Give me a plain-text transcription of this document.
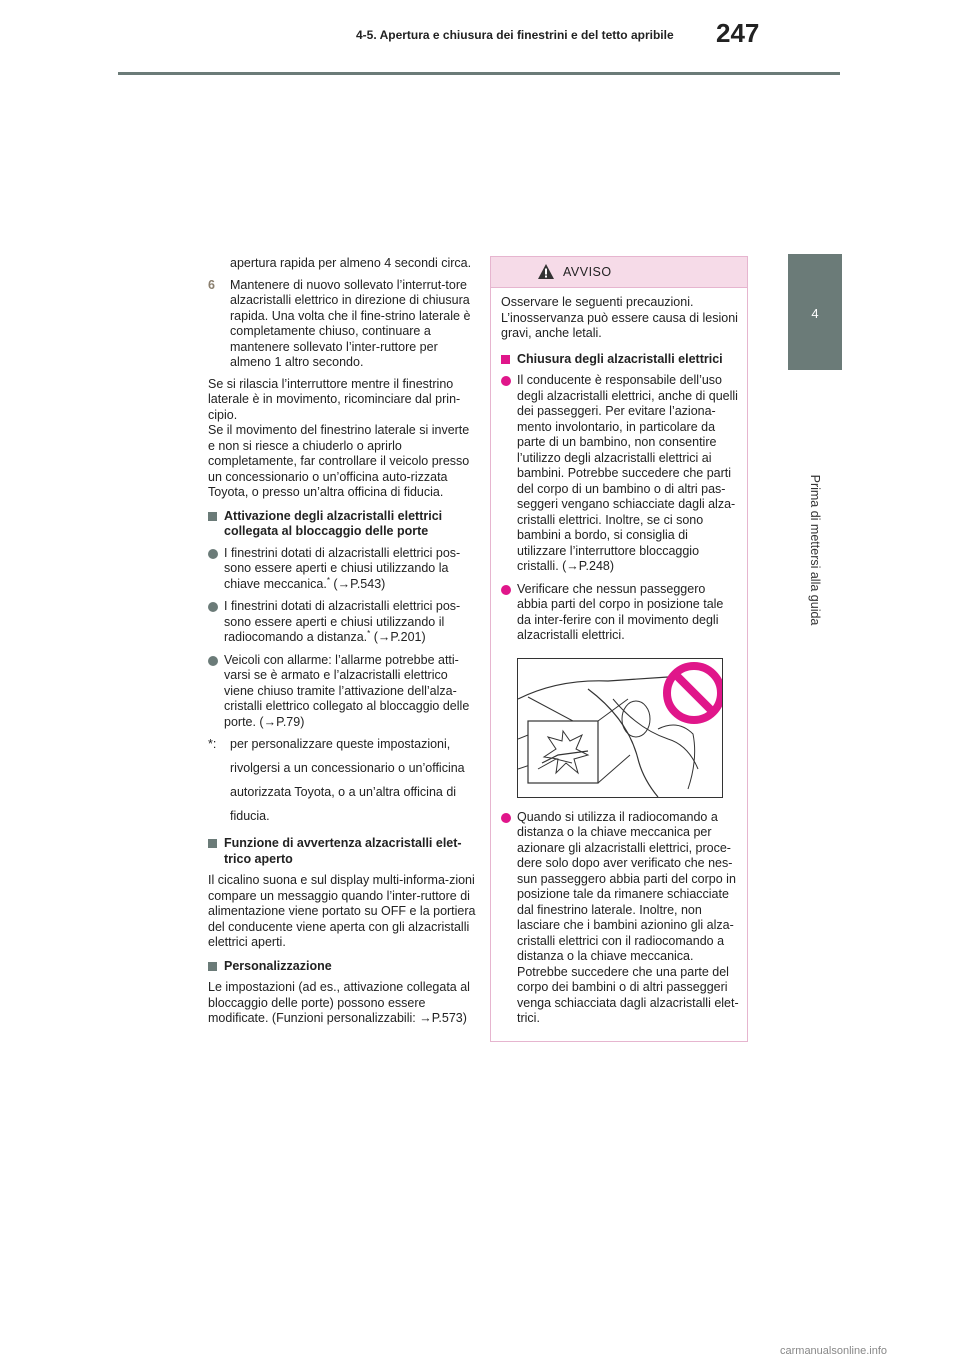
4-5. Apertura e chiusura dei finestrini e del tetto apribile	247
4
Prima di mettersi alla guida

apertura rapida per almeno 4 secondi circa.

6 Mantenere di nuovo sollevato l’interrut-tore alzacristalli elettrico in direzione di chiusura rapida. Una volta che il fine-strino laterale è completamente chiuso, continuare a mantenere sollevato l’inter-ruttore per almeno 1 altro secondo.

Se si rilascia l’interruttore mentre il finestrino laterale è in movimento, ricominciare dal prin-cipio.

Se il movimento del finestrino laterale si inverte e non si riesce a chiuderlo o aprirlo completamente, far controllare il veicolo presso un concessionario o un’officina auto-rizzata Toyota, o presso un’altra officina di fiducia.

Attivazione degli alzacristalli elettrici collegata al bloccaggio delle porte
I finestrini dotati di alzacristalli elettrici pos-sono essere aperti e chiusi utilizzando la chiave meccanica.* (→P.543)
I finestrini dotati di alzacristalli elettrici pos-sono essere aperti e chiusi utilizzando il radiocomando a distanza.* (→P.201)
Veicoli con allarme: l’allarme potrebbe atti-varsi se è armato e l’alzacristalli elettrico viene chiuso tramite l’attivazione dell’alza-cristalli elettrico collegato al bloccaggio delle porte. (→P.79)
*: per personalizzare queste impostazioni, rivolgersi a un concessionario o un’officina autorizzata Toyota, o a un’altra officina di fiducia.
Funzione di avvertenza alzacristalli elet-trico aperto

Il cicalino suona e sul display multi-informa-zioni compare un messaggio quando l’inter-ruttore di alimentazione viene portato su OFF e la portiera del conducente viene aperta con gli alzacristalli elettrici aperti.

Personalizzazione

Le impostazioni (ad es., attivazione collegata al bloccaggio delle porte) possono essere modificate. (Funzioni personalizzabili: →P.573)

AVVISO

Osservare le seguenti precauzioni. L’inosservanza può essere causa di lesioni gravi, anche letali.

Chiusura degli alzacristalli elettrici
Il conducente è responsabile dell’uso degli alzacristalli elettrici, anche di quelli dei passeggeri. Per evitare l’aziona-mento involontario, in particolare da parte di un bambino, non consentire l’utilizzo degli alzacristalli elettrici ai bambini. Potrebbe succedere che parti del corpo di un bambino o di altri pas-seggeri vengano schiacciate dagli alza-cristalli elettrici. Inoltre, se ci sono bambini a bordo, si consiglia di utilizzare l’interruttore bloccaggio cristalli. (→P.248)
Verificare che nessun passeggero abbia parti del corpo in posizione tale da inter-ferire con il movimento degli alzacristalli elettrici.
Quando si utilizza il radiocomando a distanza o la chiave meccanica per azionare gli alzacristalli elettrici, proce-dere solo dopo aver verificato che nes-sun passeggero abbia parti del corpo in posizione tale da rimanere schiacciate dal finestrino laterale. Inoltre, non lasciare che i bambini azionino gli alza-cristalli elettrici con il radiocomando a distanza o la chiave meccanica. Potrebbe succedere che una parte del corpo dei bambini o di altri passeggeri venga schiacciata dagli alzacristalli elet-trici.
carmanualsonline.info
